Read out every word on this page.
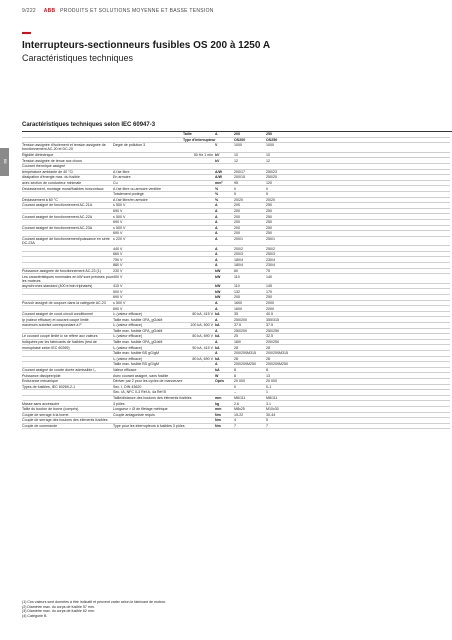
9/222 ABB PRODUITS ET SOLUTIONS MOYENNE ET BASSE TENSION
Interrupteurs-sectionneurs fusibles OS 200 à 1250 A
Caractéristiques techniques
03
Caractéristiques techniques selon IEC 60947-3
		Taille	A	200	250
		Type d'interrupteur		OS200	OS250
Tension assignée d'isolement et tension assignée de fonctionnement AC-20 et DC-20	Degré de pollution 3		V	1000	1000
Rigidité diélectrique		50 Hz 1 min	kV	10	10
Tension assignée de tenue aux chocs			kV	12	12
Courant thermique assigné					
température ambiante de 40 °C/	A l'air libre		A/W	200/17	250/23
dissipation d'énergie max. du fusible	En armoire		A/W	200/15	250/20
avec section de conducteur minimale	Cu		mm²	95	120
Déclassement, montage mural/fusibles horizontaux	A l'air libre ou armoire ventilée		%	0	0
	Totalement protégé		%	5	5
Déclassement à 60 °C	A l'air libre/en armoire		%	20/20	20/20
Courant assigné de fonctionnement AC-21A	≤ 500 V		A	200	250
	690 V		A	200	250
Courant assigné de fonctionnement AC-22A	≤ 500 V		A	200	250
	690 V		A	200	250
Courant assigné de fonctionnement AC-23A	≤ 500 V		A	200	250
	690 V		A	200	250
Courant assigné de fonctionnement/puissance en série DC-23A	≤ 220 V		A	200/1	250/1
	440 V		A	200/2	250/2
	660 V		A	200/3	250/3
	750 V		A	180/4	230/4
	880 V		A	180/4	230/4
Puissance assignée de fonctionnement AC-23 (1)	230 V		kW	60	75
Les caractéristiques nominales en kW sont précises pour les moteurs	400 V		kW	110	140
asynchrones standard (400 tr/min triphasés)	415 V		kW	110	145
	500 V		kW	132	170
	690 V		kW	200	250
Pouvoir assigné de coupure dans la catégorie AC-23	≤ 500 V		A	1600	2000
	690 V		A	1600	2000
Courant assigné de court-circuit conditionnel	Iₚ (valeur efficace)	80 kA, 415 V	kA	35	40.5
Ip (valeur efficace) et courant coupé limité	Taille max. fusible OFA_gG/aM		A	250/200	355/315
maximum autorisé correspondant à I²	Iₚ (valeur efficace)	100 kA, 500 V	kA	37.5	37.5
	Taille max. fusible OFA_gG/aM		A	250/200	250/250
Le courant coupé limité Ic se réfère aux valeurs	Iₚ (valeur efficace)	80 kA, 690 V	kA	25	32.5
indiquées par les fabricants de fusibles (test de	Taille max. fusible OFA_gG/aM		A	160/	200/250
monophasé selon IEC 60269)	Iₚ (valeur efficace)	50 kA, 415 V	kA	28	28
	Taille max. fusible BS gG/gM		A	200/200M315	200/200M315
	Iₚ (valeur efficace)	80 kA, 690 V	kA	28	28
	Taille max. fusible BS gG/gM		A	200/200M250	200/200M250
Courant assigné de courte durée admissible I₂	Valeur efficace		kA	8	8
Puissance dissipée/pôle	Avec courant assigné, sans fusible		W	8	13
Endurance mécanique	Dériver par 2 pour les cycles de manoeuvre		Opés	20 000	20 000
Types de fusibles, IEC 60269-2-1	Sec. I, DIN 43620			0	0-1
	Sec. IA, NFC 0-3 Réf A, 4a Réf B			–	1
	Taille/distance des boulons des éléments fusibles		mm	M6/111	M8/111
Masse sans accessoire	3 pôles		kg	2.6	3.1
Taille du bouton de borne (compris)	Longueur × Ø de filetage métrique		mm	M8x25	M10x30
Couple de serrage à la borne	Couple antagoniste requis		Nm	15-22	30-44
Couple de serrage des boulons des éléments fusibles			Nm	4	5
Couple de commande	Type pour les interrupteurs à fusibles 3 pôles		Nm	7	7
(1) Ces valeurs sont données à titre indicatif et peuvent varier selon le fabricant de moteur.
(2) Diamètre max. du corps de fusible 57 mm.
(3) Diamètre max. du corps de fusible 62 mm.
(4) Catégorie B.
